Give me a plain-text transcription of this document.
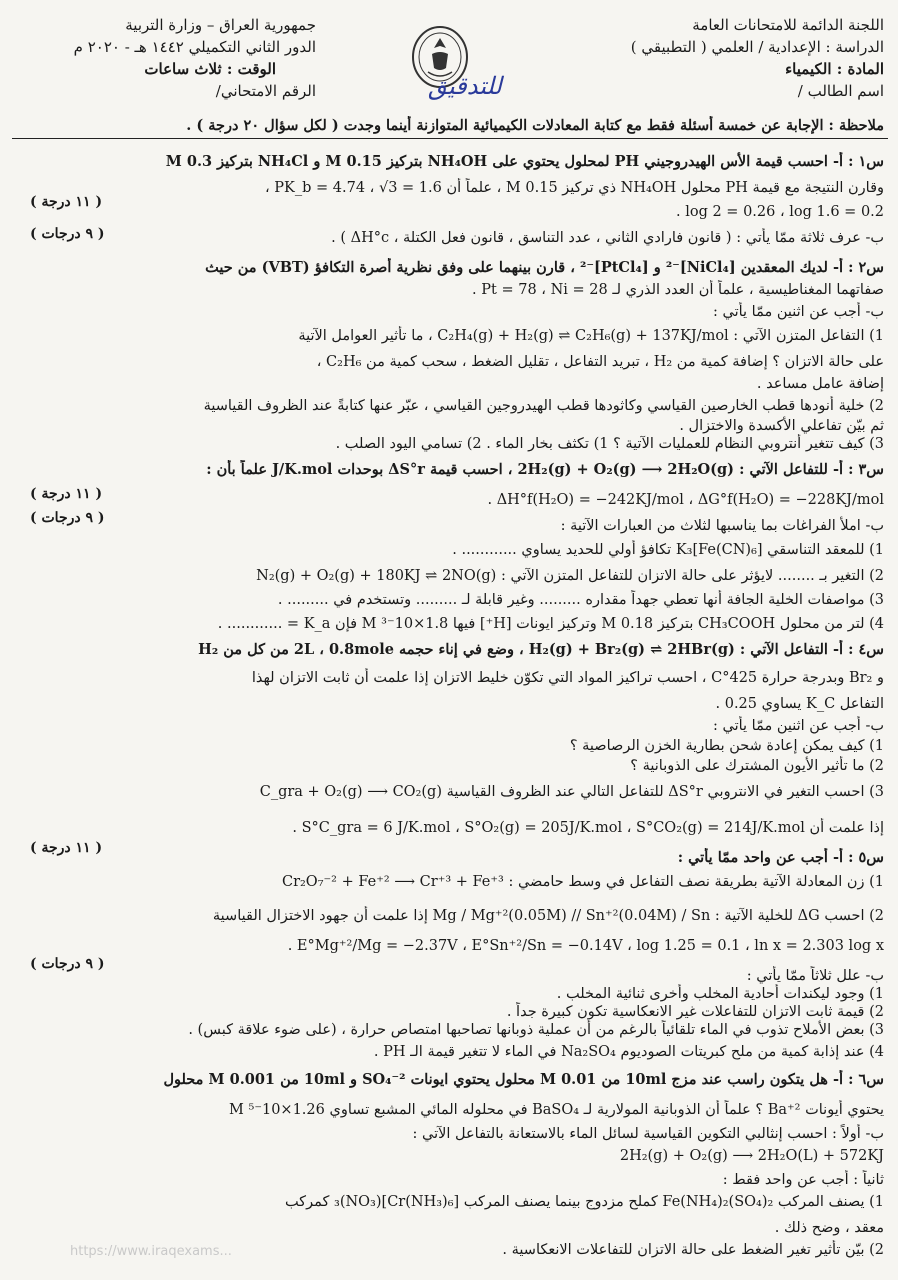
اللجنة الدائمة للامتحانات العامة
الدراسة : الإعدادية / العلمي ( التطبيقي )
المادة : الكيمياء
اسم الطالب /
جمهورية العراق – وزارة التربية
الدور الثاني التكميلي ١٤٤٢ هـ - ٢٠٢٠ م
الوقت : ثلاث ساعات
الرقم الامتحاني/	للتدقيق
ملاحظة : الإجابة عن خمسة أسئلة فقط مع كتابة المعادلات الكيميائية المتوازنة أينما وجدت ( لكل سؤال ٢٠ درجة ) .
س١ : أ- احسب قيمة الأس الهيدروجيني PH لمحلول يحتوي على NH₄OH بتركيز 0.15 M و NH₄Cl بتركيز 0.3 M
وقارن النتيجة مع قيمة PH محلول NH₄OH ذي تركيز 0.15 M ، علماً أن PK_b = 4.74 ، √3 = 1.6 ،
log 2 = 0.26 ، log 1.6 = 0.2 .
ب- عرف ثلاثة ممّا يأتي : ( قانون فارادي الثاني ، عدد التناسق ، قانون فعل الكتلة ، ΔH°c ) .
س٢ : أ- لديك المعقدين [NiCl₄]⁻² و [PtCl₄]⁻² ، قارن بينهما على وفق نظرية أصرة التكافؤ (VBT) من حيث
صفاتهما المغناطيسية ، علماً أن العدد الذري لـ Pt = 78 ، Ni = 28 .
ب- أجب عن اثنين ممّا يأتي :
1) التفاعل المتزن الآتي : C₂H₄(g) + H₂(g) ⇌ C₂H₆(g) + 137KJ/mol ، ما تأثير العوامل الآتية
على حالة الاتزان ؟ إضافة كمية من H₂ ، تبريد التفاعل ، تقليل الضغط ، سحب كمية من C₂H₆ ،
إضافة عامل مساعد .
2) خلية أنودها قطب الخارصين القياسي وكاثودها قطب الهيدروجين القياسي ، عبّر عنها كتابةً عند الظروف القياسية
ثم بيّن تفاعلي الأكسدة والاختزال .
3) كيف تتغير أنتروبي النظام للعمليات الآتية ؟ 1) تكثف بخار الماء . 2) تسامي اليود الصلب .
س٣ : أ- للتفاعل الآتي : 2H₂(g) + O₂(g) ⟶ 2H₂O(g) ، احسب قيمة ΔS°r بوحدات J/K.mol علماً بأن :
ΔH°f(H₂O) = −242KJ/mol ، ΔG°f(H₂O) = −228KJ/mol .
ب- املأ الفراغات بما يناسبها لثلاث من العبارات الآتية :
1) للمعقد التناسقي K₃[Fe(CN)₆] تكافؤ أولي للحديد يساوي ............ .
2) التغير بـ ........ لايؤثر على حالة الاتزان للتفاعل المتزن الآتي : N₂(g) + O₂(g) + 180KJ ⇌ 2NO(g)
3) مواصفات الخلية الجافة أنها تعطي جهداً مقداره ......... وغير قابلة لـ ......... وتستخدم في ......... .
4) لتر من محلول CH₃COOH بتركيز 0.18 M وتركيز ايونات [H⁺] فيها 1.8×10⁻³ M فإن K_a = ............ .
س٤ : أ- التفاعل الآتي : H₂(g) + Br₂(g) ⇌ 2HBr(g) ، وضع في إناء حجمه 2L ، 0.8mole من كل من H₂
و Br₂ وبدرجة حرارة 425°C ، احسب تراكيز المواد التي تكوّن خليط الاتزان إذا علمت أن ثابت الاتزان لهذا
التفاعل K_C يساوي 0.25 .
ب- أجب عن اثنين ممّا يأتي :
1) كيف يمكن إعادة شحن بطارية الخزن الرصاصية ؟
2) ما تأثير الأيون المشترك على الذوبانية ؟
3) احسب التغير في الانتروبي ΔS°r للتفاعل التالي عند الظروف القياسية C_gra + O₂(g) ⟶ CO₂(g)
إذا علمت أن S°C_gra = 6 J/K.mol ، S°O₂(g) = 205J/K.mol ، S°CO₂(g) = 214J/K.mol .
س٥ : أ- أجب عن واحد ممّا يأتي :
1) زن المعادلة الآتية بطريقة نصف التفاعل في وسط حامضي : Cr₂O₇⁻² + Fe⁺² ⟶ Cr⁺³ + Fe⁺³
2) احسب ΔG للخلية الآتية : Mg / Mg⁺²(0.05M) // Sn⁺²(0.04M) / Sn إذا علمت أن جهود الاختزال القياسية
E°Mg⁺²/Mg = −2.37V ، E°Sn⁺²/Sn = −0.14V ، log 1.25 = 0.1 ، ln x = 2.303 log x .
ب- علل ثلاثاً ممّا يأتي :
1) وجود ليكندات أحادية المخلب وأخرى ثنائية المخلب .
2) قيمة ثابت الاتزان للتفاعلات غير الانعكاسية تكون كبيرة جداً .
3) بعض الأملاح تذوب في الماء تلقائياً بالرغم من أن عملية ذوبانها تصاحبها امتصاص حرارة ، (على ضوء علاقة كبس) .
4) عند إذابة كمية من ملح كبريتات الصوديوم Na₂SO₄ في الماء لا تتغير قيمة الـ PH .
س٦ : أ- هل يتكون راسب عند مزج 10ml من 0.01 M محلول يحتوي ايونات SO₄⁻² و 10ml من 0.001 M محلول
يحتوي أيونات Ba⁺² ؟ علماً أن الذوبانية المولارية لـ BaSO₄ في محلوله المائي المشبع تساوي 1.26×10⁻⁵ M
ب- أولاً : احسب إنثالبي التكوين القياسية لسائل الماء بالاستعانة بالتفاعل الآتي :
2H₂(g) + O₂(g) ⟶ 2H₂O(L) + 572KJ
ثانياً : أجب عن واحد فقط :
1) يصنف المركب Fe(NH₄)₂(SO₄)₂ كملح مزدوج بينما يصنف المركب [Cr(NH₃)₆](NO₃)₃ كمركب
معقد ، وضح ذلك .
2) بيّن تأثير تغير الضغط على حالة الاتزان للتفاعلات الانعكاسية .
( ١١ درجة )
( ٩ درجات )
( ١١ درجة )
( ٩ درجات )
( ١١ درجة )
( ٩ درجات )
https://www.iraqexams...
